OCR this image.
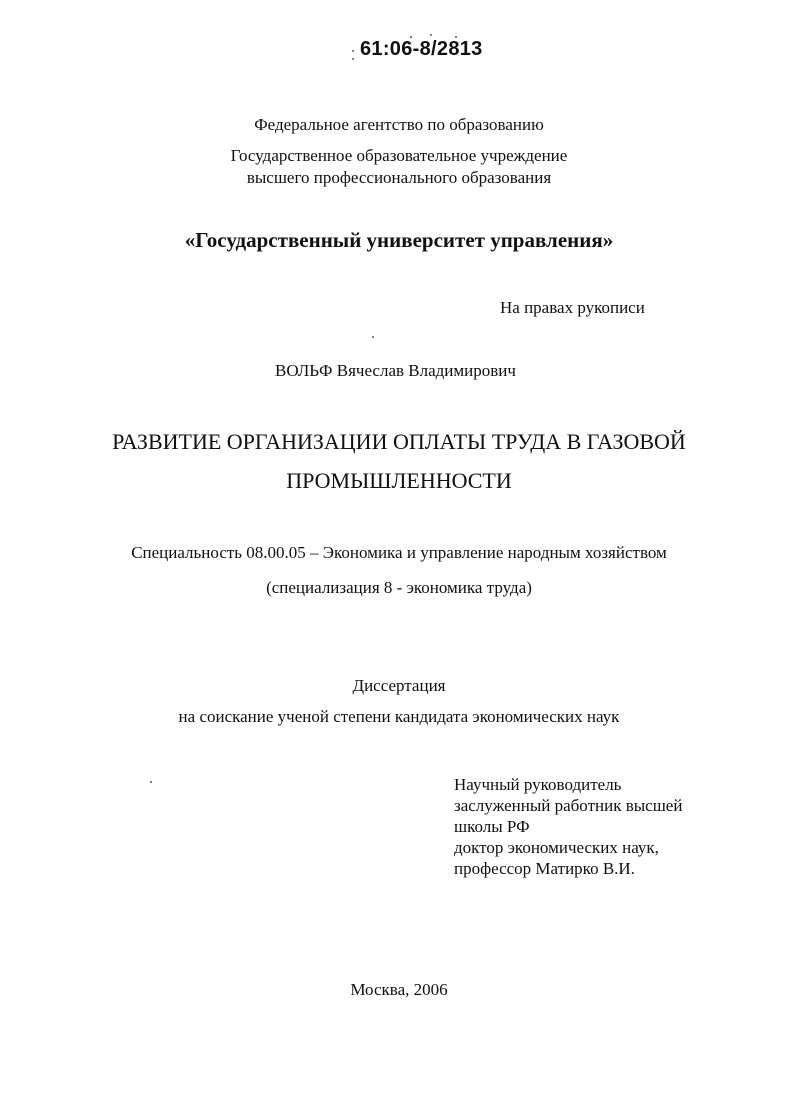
61:06-8/2813
Федеральное агентство по образованию
Государственное образовательное учреждение
высшего профессионального образования
«Государственный университет управления»
На правах рукописи
ВОЛЬФ Вячеслав Владимирович
РАЗВИТИЕ ОРГАНИЗАЦИИ ОПЛАТЫ ТРУДА В ГАЗОВОЙ
ПРОМЫШЛЕННОСТИ
Специальность 08.00.05 – Экономика и управление народным хозяйством
(специализация 8 - экономика труда)
Диссертация
на соискание ученой степени кандидата экономических наук
Научный руководитель
заслуженный работник высшей
школы РФ
доктор экономических наук,
профессор Матирко В.И.
Москва, 2006
